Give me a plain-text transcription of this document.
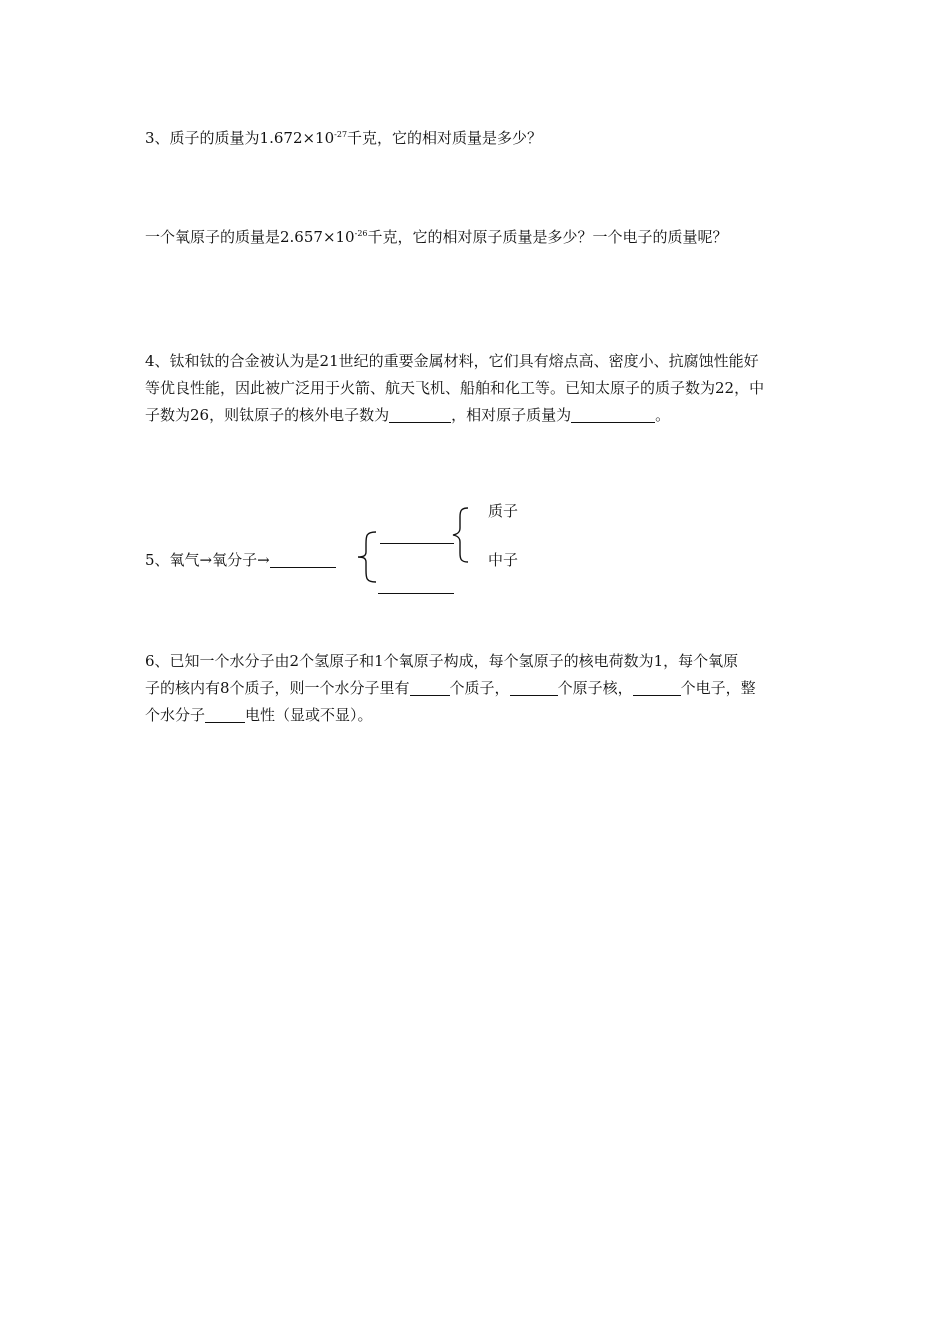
3、质子的质量为$1.672\times 10^{-27}$千克，它的相对质量是多少？
一个氧原子的质量是$2.657\times 10^{-26}$千克，它的相对原子质量是多少？一个电子的质量呢？
4、钛和钛的合金被认为是21世纪的重要金属材料，它们具有熔点高、密度小、抗腐蚀性能好
等优良性能，因此被广泛用于火箭、航天飞机、船舶和化工等。已知太原子的质子数为22，中
子数为26，则钛原子的核外电子数为	，相对原子质量为	。
5、氧气→氧分子→
质子
中子
6、已知一个水分子由2个氢原子和1个氧原子构成，每个氢原子的核电荷数为1，每个氧原
子的核内有8个质子，则一个水分子里有	个质子，	个原子核，	个电子，整
个水分子	电性（显或不显）。
